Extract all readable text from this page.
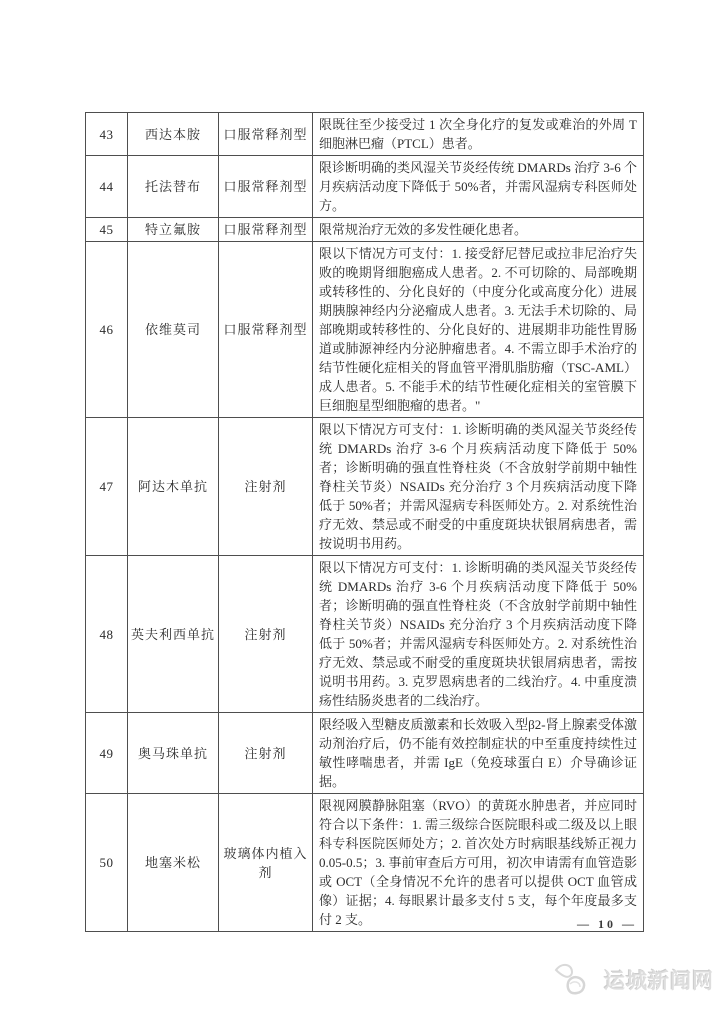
43	西达本胺	口服常释剂型	限既往至少接受过 1 次全身化疗的复发或难治的外周 T 细胞淋巴瘤（PTCL）患者。
44	托法替布	口服常释剂型	限诊断明确的类风湿关节炎经传统 DMARDs 治疗 3-6 个月疾病活动度下降低于 50%者，并需风湿病专科医师处方。
45	特立氟胺	口服常释剂型	限常规治疗无效的多发性硬化患者。
46	依维莫司	口服常释剂型	限以下情况方可支付：1. 接受舒尼替尼或拉非尼治疗失败的晚期肾细胞癌成人患者。2. 不可切除的、局部晚期或转移性的、分化良好的（中度分化或高度分化）进展期胰腺神经内分泌瘤成人患者。3. 无法手术切除的、局部晚期或转移性的、分化良好的、进展期非功能性胃肠道或肺源神经内分泌肿瘤患者。4. 不需立即手术治疗的结节性硬化症相关的肾血管平滑肌脂肪瘤（TSC-AML）成人患者。5. 不能手术的结节性硬化症相关的室管膜下巨细胞星型细胞瘤的患者。"
47	阿达木单抗	注射剂	限以下情况方可支付：1. 诊断明确的类风湿关节炎经传统 DMARDs 治疗 3-6 个月疾病活动度下降低于 50%者；诊断明确的强直性脊柱炎（不含放射学前期中轴性脊柱关节炎）NSAIDs 充分治疗 3 个月疾病活动度下降低于 50%者；并需风湿病专科医师处方。2. 对系统性治疗无效、禁忌或不耐受的中重度斑块状银屑病患者，需按说明书用药。
48	英夫利西单抗	注射剂	限以下情况方可支付：1. 诊断明确的类风湿关节炎经传统 DMARDs 治疗 3-6 个月疾病活动度下降低于 50%者；诊断明确的强直性脊柱炎（不含放射学前期中轴性脊柱关节炎）NSAIDs 充分治疗 3 个月疾病活动度下降低于 50%者；并需风湿病专科医师处方。2. 对系统性治疗无效、禁忌或不耐受的重度斑块状银屑病患者，需按说明书用药。3. 克罗恩病患者的二线治疗。4. 中重度溃疡性结肠炎患者的二线治疗。
49	奥马珠单抗	注射剂	限经吸入型糖皮质激素和长效吸入型β2-肾上腺素受体激动剂治疗后，仍不能有效控制症状的中至重度持续性过敏性哮喘患者，并需 IgE（免疫球蛋白 E）介导确诊证据。
50	地塞米松	玻璃体内植入剂	限视网膜静脉阻塞（RVO）的黄斑水肿患者，并应同时符合以下条件：1. 需三级综合医院眼科或二级及以上眼科专科医院医师处方；2. 首次处方时病眼基线矫正视力 0.05-0.5；3. 事前审查后方可用，初次申请需有血管造影或 OCT（全身情况不允许的患者可以提供 OCT 血管成像）证据；4. 每眼累计最多支付 5 支，每个年度最多支付 2 支。	— 10 —
运城新闻网
